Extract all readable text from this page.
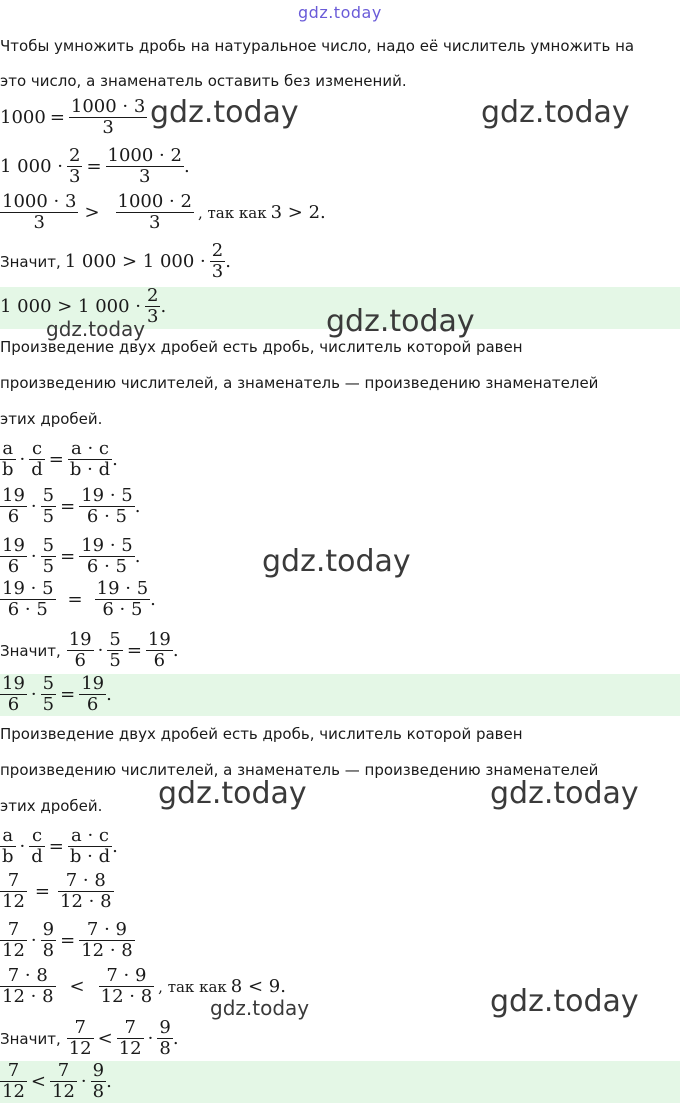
gdz.today
Чтобы умножить дробь на натуральное число, надо её числитель умножить на
это число, а знаменатель оставить без изменений.
$1000 = \frac{1000 \cdot 3}{3}$
1 $000 \cdot \frac{2}{3} = \frac{1000 \cdot 2}{3}$ .
1000 · 3
3	>	1000 · 2
3	, так как 3 > 2.
Значит, 1 000 > 1 000 · 2
3 .
1 000 > 1 000 · 2
3 .
gdz.today	gdz.today
gdz.today	gdz.today
Произведение двух дробей есть дробь, числитель которой равен
произведению числителей, а знаменатель — произведению знаменателей
этих дробей.
a
$b \cdot \frac{c}{d} = \frac{a \cdot c}{b \cdot d}$ .
19
$6 \cdot \frac{5}{5} = \frac{19 \cdot 5}{6 \cdot 5}$ .
19
$6 \cdot \frac{5}{5} = \frac{19 \cdot 5}{6 \cdot 5}$ .
$\frac{19 \cdot 5}{6 \cdot 5} = \frac{19 \cdot 5}{6 \cdot 5}$ .
Значит,
19
$6 \cdot \frac{5}{5} = \frac{19}{6}$ .
19
$6 \cdot \frac{5}{5} = \frac{19}{6}$ .
gdz.today
Произведение двух дробей есть дробь, числитель которой равен
произведению числителей, а знаменатель — произведению знаменателей
этих дробей. gdz.today	gdz.today
a
$b \cdot \frac{c}{d} = \frac{a \cdot c}{b \cdot d}$ .
$\frac{7}{12} = \frac{7 \cdot 8}{12 \cdot 8}$
7
$12 \cdot \frac{9}{8} = \frac{7 \cdot 9}{12 \cdot 8}$
7 · 8
12 · 8 <	7 · 9
12 · 8 , так как 8 < 9.
gdz.today	gdz.today
Значит,
7
12 < 7
12 · 9
8 .
7
12 < 7
12 · 9
8 .
